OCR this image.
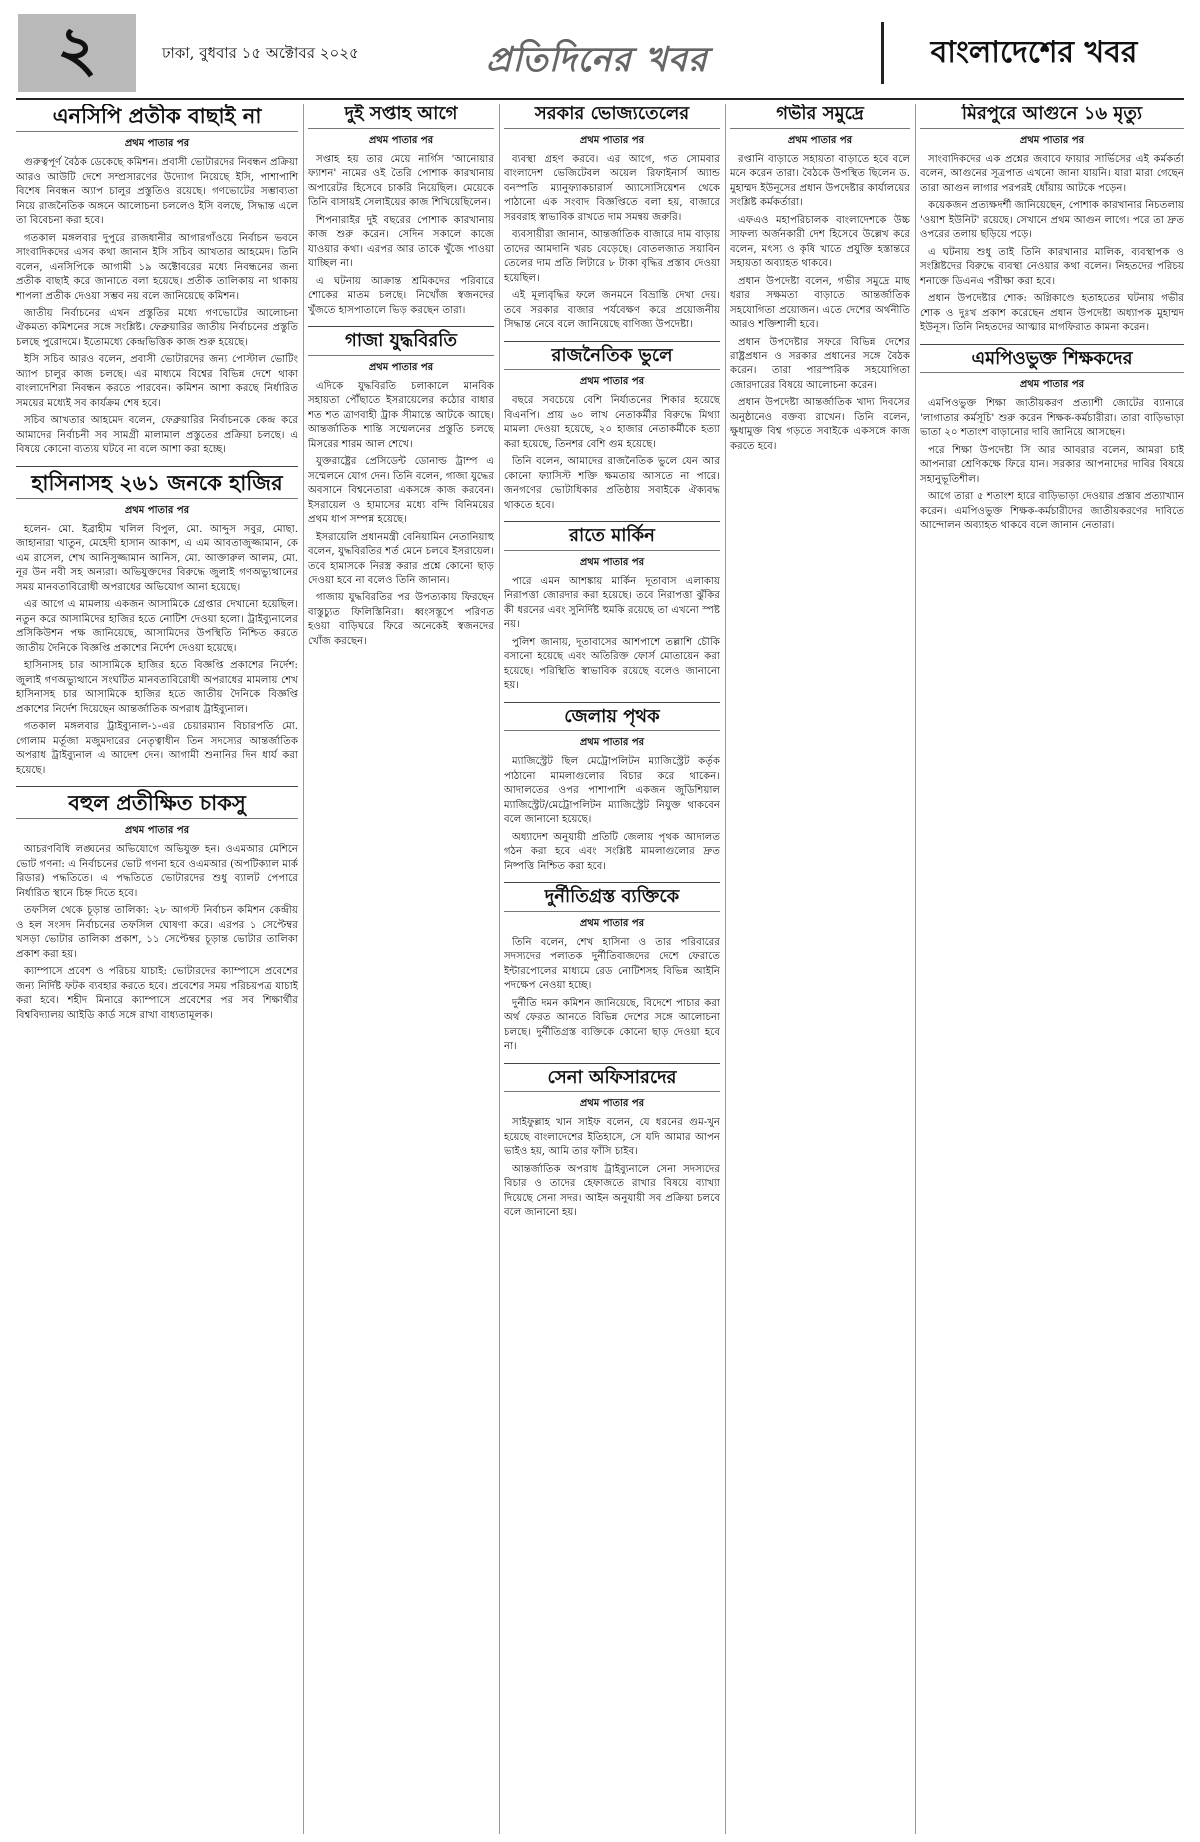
২	ঢাকা, বুধবার ১৫ অক্টোবর ২০২৫	প্রতিদিনের খবর	বাংলাদেশের খবর
এনসিপি প্রতীক বাছাই না
প্রথম পাতার পর

গুরুত্বপূর্ণ বৈঠক ডেকেছে কমিশন। প্রবাসী ভোটারদের নিবন্ধন প্রক্রিয়া আরও আউটি দেশে সম্প্রসারণের উদ্যোগ নিয়েছে ইসি, পাশাপাশি বিশেষ নিবন্ধন অ্যাপ চালুর প্রস্তুতিও রয়েছে। গণভোটের সম্ভাব্যতা নিয়ে রাজনৈতিক অঙ্গনে আলোচনা চললেও ইসি বলছে, সিদ্ধান্ত এলে তা বিবেচনা করা হবে।

গতকাল মঙ্গলবার দুপুরে রাজধানীর আগারগাঁওয়ে নির্বাচন ভবনে সাংবাদিকদের এসব কথা জানান ইসি সচিব আখতার আহমেদ। তিনি বলেন, এনসিপিকে আগামী ১৯ অক্টোবরের মধ্যে নিবন্ধনের জন্য প্রতীক বাছাই করে জানাতে বলা হয়েছে। প্রতীক তালিকায় না থাকায় শাপলা প্রতীক দেওয়া সম্ভব নয় বলে জানিয়েছে কমিশন।

জাতীয় নির্বাচনের এখন প্রস্তুতির মধ্যে গণভোটের আলোচনা ঐকমত্য কমিশনের সঙ্গে সংশ্লিষ্ট। ফেব্রুয়ারির জাতীয় নির্বাচনের প্রস্তুতি চলছে পুরোদমে। ইতোমধ্যে কেন্দ্রভিত্তিক কাজ শুরু হয়েছে।

ইসি সচিব আরও বলেন, প্রবাসী ভোটারদের জন্য পোস্টাল ভোটিং অ্যাপ চালুর কাজ চলছে। এর মাধ্যমে বিশ্বের বিভিন্ন দেশে থাকা বাংলাদেশিরা নিবন্ধন করতে পারবেন। কমিশন আশা করছে নির্ধারিত সময়ের মধ্যেই সব কার্যক্রম শেষ হবে।

সচিব আখতার আহমেদ বলেন, ফেব্রুয়ারির নির্বাচনকে কেন্দ্র করে আমাদের নির্বাচনী সব সামগ্রী মালামাল প্রস্তুতের প্রক্রিয়া চলছে। এ বিষয়ে কোনো ব্যত্যয় ঘটবে না বলে আশা করা হচ্ছে।

হাসিনাসহ ২৬১ জনকে হাজির
প্রথম পাতার পর

হলেন- মো. ইব্রাহীম খলিল বিপুল, মো. আব্দুস সবুর, মোছা. জাহানারা খাতুন, মেহেদী হাসান আকাশ, এ এম আবতাজুজ্জামান, কে এম রাসেল, শেখ আনিসুজ্জামান আনিস, মো. আক্তারুল আলম, মো. নূর উন নবী সহ অন্যরা। অভিযুক্তদের বিরুদ্ধে জুলাই গণঅভ্যুত্থানের সময় মানবতাবিরোধী অপরাধের অভিযোগ আনা হয়েছে।

এর আগে এ মামলায় একজন আসামিকে গ্রেপ্তার দেখানো হয়েছিল। নতুন করে আসামিদের হাজির হতে নোটিশ দেওয়া হলো। ট্রাইব্যুনালের প্রসিকিউশন পক্ষ জানিয়েছে, আসামিদের উপস্থিতি নিশ্চিত করতে জাতীয় দৈনিকে বিজ্ঞপ্তি প্রকাশের নির্দেশ দেওয়া হয়েছে।

হাসিনাসহ চার আসামিকে হাজির হতে বিজ্ঞপ্তি প্রকাশের নির্দেশ: জুলাই গণঅভ্যুত্থানে সংঘটিত মানবতাবিরোধী অপরাধের মামলায় শেখ হাসিনাসহ চার আসামিকে হাজির হতে জাতীয় দৈনিকে বিজ্ঞপ্তি প্রকাশের নির্দেশ দিয়েছেন আন্তর্জাতিক অপরাধ ট্রাইব্যুনাল।

গতকাল মঙ্গলবার ট্রাইব্যুনাল-১-এর চেয়ারম্যান বিচারপতি মো. গোলাম মর্তূজা মজুমদারের নেতৃত্বাধীন তিন সদস্যের আন্তর্জাতিক অপরাধ ট্রাইব্যুনাল এ আদেশ দেন। আগামী শুনানির দিন ধার্য করা হয়েছে।

বহুল প্রতীক্ষিত চাকসু
প্রথম পাতার পর

আচরণবিধি লঙ্ঘনের অভিযোগে অভিযুক্ত হন। ওএমআর মেশিনে ভোট গণনা: এ নির্বাচনের ভোট গণনা হবে ওএমআর (অপটিক্যাল মার্ক রিডার) পদ্ধতিতে। এ পদ্ধতিতে ভোটারদের শুধু ব্যালট পেপারে নির্ধারিত স্থানে চিহ্ন দিতে হবে।

তফসিল থেকে চূড়ান্ত তালিকা: ২৮ আগস্ট নির্বাচন কমিশন কেন্দ্রীয় ও হল সংসদ নির্বাচনের তফসিল ঘোষণা করে। এরপর ১ সেপ্টেম্বর খসড়া ভোটার তালিকা প্রকাশ, ১১ সেপ্টেম্বর চূড়ান্ত ভোটার তালিকা প্রকাশ করা হয়।

ক্যাম্পাসে প্রবেশ ও পরিচয় যাচাই: ভোটারদের ক্যাম্পাসে প্রবেশের জন্য নির্দিষ্ট ফটক ব্যবহার করতে হবে। প্রবেশের সময় পরিচয়পত্র যাচাই করা হবে। শহীদ মিনারে ক্যাম্পাসে প্রবেশের পর সব শিক্ষার্থীর বিশ্ববিদ্যালয় আইডি কার্ড সঙ্গে রাখা বাধ্যতামূলক।

দুই সপ্তাহ আগে
প্রথম পাতার পর

সপ্তাহ হয় তার মেয়ে নার্গিস 'আনোয়ার ফ্যাশন' নামের ওই তৈরি পোশাক কারখানায় অপারেটর হিসেবে চাকরি নিয়েছিল। মেয়েকে তিনি বাসায়ই সেলাইয়ের কাজ শিখিয়েছিলেন।

শিপনারাইর দুই বছরের পোশাক কারখানায় কাজ শুরু করেন। সেদিন সকালে কাজে যাওয়ার কথা। এরপর আর তাকে খুঁজে পাওয়া যাচ্ছিল না।

এ ঘটনায় আক্রান্ত শ্রমিকদের পরিবারে শোকের মাতম চলছে। নিখোঁজ স্বজনদের খুঁজতে হাসপাতালে ভিড় করছেন তারা।

গাজা যুদ্ধবিরতি
প্রথম পাতার পর

এদিকে যুদ্ধবিরতি চলাকালে মানবিক সহায়তা পৌঁছাতে ইসরায়েলের কঠোর বাধার শত শত ত্রাণবাহী ট্রাক সীমান্তে আটকে আছে। আন্তর্জাতিক শান্তি সম্মেলনের প্রস্তুতি চলছে মিসরের শারম আল শেখে।

যুক্তরাষ্ট্রের প্রেসিডেন্ট ডোনাল্ড ট্রাম্প এ সম্মেলনে যোগ দেন। তিনি বলেন, গাজা যুদ্ধের অবসানে বিশ্বনেতারা একসঙ্গে কাজ করবেন। ইসরায়েল ও হামাসের মধ্যে বন্দি বিনিময়ের প্রথম ধাপ সম্পন্ন হয়েছে।

ইসরায়েলি প্রধানমন্ত্রী বেনিয়ামিন নেতানিয়াহু বলেন, যুদ্ধবিরতির শর্ত মেনে চলবে ইসরায়েল। তবে হামাসকে নিরস্ত্র করার প্রশ্নে কোনো ছাড় দেওয়া হবে না বলেও তিনি জানান।

গাজায় যুদ্ধবিরতির পর উপত্যকায় ফিরছেন বাস্তুচ্যুত ফিলিস্তিনিরা। ধ্বংসস্তূপে পরিণত হওয়া বাড়িঘরে ফিরে অনেকেই স্বজনদের খোঁজ করছেন।

সরকার ভোজ্যতেলের
প্রথম পাতার পর

ব্যবস্থা গ্রহণ করবে। এর আগে, গত সোমবার বাংলাদেশ ভেজিটেবল অয়েল রিফাইনার্স অ্যান্ড বনস্পতি ম্যানুফ্যাকচারার্স অ্যাসোসিয়েশন থেকে পাঠানো এক সংবাদ বিজ্ঞপ্তিতে বলা হয়, বাজারে সরবরাহ স্বাভাবিক রাখতে দাম সমন্বয় জরুরি।

ব্যবসায়ীরা জানান, আন্তর্জাতিক বাজারে দাম বাড়ায় তাদের আমদানি খরচ বেড়েছে। বোতলজাত সয়াবিন তেলের দাম প্রতি লিটারে ৮ টাকা বৃদ্ধির প্রস্তাব দেওয়া হয়েছিল।

এই মূল্যবৃদ্ধির ফলে জনমনে বিভ্রান্তি দেখা দেয়। তবে সরকার বাজার পর্যবেক্ষণ করে প্রয়োজনীয় সিদ্ধান্ত নেবে বলে জানিয়েছে বাণিজ্য উপদেষ্টা।

রাজনৈতিক ভুলে
প্রথম পাতার পর

বছরে সবচেয়ে বেশি নির্যাতনের শিকার হয়েছে বিএনপি। প্রায় ৬০ লাখ নেতাকর্মীর বিরুদ্ধে মিথ্যা মামলা দেওয়া হয়েছে, ২০ হাজার নেতাকর্মীকে হত্যা করা হয়েছে, তিনশর বেশি গুম হয়েছে।

তিনি বলেন, আমাদের রাজনৈতিক ভুলে যেন আর কোনো ফ্যাসিস্ট শক্তি ক্ষমতায় আসতে না পারে। জনগণের ভোটাধিকার প্রতিষ্ঠায় সবাইকে ঐক্যবদ্ধ থাকতে হবে।

রাতে মার্কিন
প্রথম পাতার পর

পারে এমন আশঙ্কায় মার্কিন দূতাবাস এলাকায় নিরাপত্তা জোরদার করা হয়েছে। তবে নিরাপত্তা ঝুঁকির কী ধরনের এবং সুনির্দিষ্ট হুমকি রয়েছে তা এখনো স্পষ্ট নয়।

পুলিশ জানায়, দূতাবাসের আশপাশে তল্লাশি চৌকি বসানো হয়েছে এবং অতিরিক্ত ফোর্স মোতায়েন করা হয়েছে। পরিস্থিতি স্বাভাবিক রয়েছে বলেও জানানো হয়।

জেলায় পৃথক
প্রথম পাতার পর

ম্যাজিস্ট্রেট ছিল মেট্রোপলিটন ম্যাজিস্ট্রেট কর্তৃক পাঠানো মামলাগুলোর বিচার করে থাকেন। আদালতের ওপর পাশাপাশি একজন জুডিশিয়াল ম্যাজিস্ট্রেট/মেট্রোপলিটন ম্যাজিস্ট্রেট নিযুক্ত থাকবেন বলে জানানো হয়েছে।

অধ্যাদেশ অনুযায়ী প্রতিটি জেলায় পৃথক আদালত গঠন করা হবে এবং সংশ্লিষ্ট মামলাগুলোর দ্রুত নিষ্পত্তি নিশ্চিত করা হবে।

দুর্নীতিগ্রস্ত ব্যক্তিকে
প্রথম পাতার পর

তিনি বলেন, শেখ হাসিনা ও তার পরিবারের সদস্যদের পলাতক দুর্নীতিবাজদের দেশে ফেরাতে ইন্টারপোলের মাধ্যমে রেড নোটিশসহ বিভিন্ন আইনি পদক্ষেপ নেওয়া হচ্ছে।

দুর্নীতি দমন কমিশন জানিয়েছে, বিদেশে পাচার করা অর্থ ফেরত আনতে বিভিন্ন দেশের সঙ্গে আলোচনা চলছে। দুর্নীতিগ্রস্ত ব্যক্তিকে কোনো ছাড় দেওয়া হবে না।

সেনা অফিসারদের
প্রথম পাতার পর

সাইফুল্লাহ খান সাইফ বলেন, যে ধরনের গুম-খুন হয়েছে বাংলাদেশের ইতিহাসে, সে যদি আমার আপন ভাইও হয়, আমি তার ফাঁসি চাইব।

আন্তর্জাতিক অপরাধ ট্রাইব্যুনালে সেনা সদস্যদের বিচার ও তাদের হেফাজতে রাখার বিষয়ে ব্যাখ্যা দিয়েছে সেনা সদর। আইন অনুযায়ী সব প্রক্রিয়া চলবে বলে জানানো হয়।

গভীর সমুদ্রে
প্রথম পাতার পর

রপ্তানি বাড়াতে সহায়তা বাড়াতে হবে বলে মনে করেন তারা। বৈঠকে উপস্থিত ছিলেন ড. মুহাম্মদ ইউনূসের প্রধান উপদেষ্টার কার্যালয়ের সংশ্লিষ্ট কর্মকর্তারা।

এফএও মহাপরিচালক বাংলাদেশকে উচ্চ সাফল্য অর্জনকারী দেশ হিসেবে উল্লেখ করে বলেন, মৎস্য ও কৃষি খাতে প্রযুক্তি হস্তান্তরে সহায়তা অব্যাহত থাকবে।

প্রধান উপদেষ্টা বলেন, গভীর সমুদ্রে মাছ ধরার সক্ষমতা বাড়াতে আন্তর্জাতিক সহযোগিতা প্রয়োজন। এতে দেশের অর্থনীতি আরও শক্তিশালী হবে।

প্রধান উপদেষ্টার সফরে বিভিন্ন দেশের রাষ্ট্রপ্রধান ও সরকার প্রধানের সঙ্গে বৈঠক করেন। তারা পারস্পরিক সহযোগিতা জোরদারের বিষয়ে আলোচনা করেন।

প্রধান উপদেষ্টা আন্তর্জাতিক খাদ্য দিবসের অনুষ্ঠানেও বক্তব্য রাখেন। তিনি বলেন, ক্ষুধামুক্ত বিশ্ব গড়তে সবাইকে একসঙ্গে কাজ করতে হবে।

মিরপুরে আগুনে ১৬ মৃত্যু
প্রথম পাতার পর

সাংবাদিকদের এক প্রশ্নের জবাবে ফায়ার সার্ভিসের এই কর্মকর্তা বলেন, আগুনের সূত্রপাত এখনো জানা যায়নি। যারা মারা গেছেন তারা আগুন লাগার পরপরই ধোঁয়ায় আটকে পড়েন।

কয়েকজন প্রত্যক্ষদর্শী জানিয়েছেন, পোশাক কারখানার নিচতলায় 'ওয়াশ ইউনিট' রয়েছে। সেখানে প্রথম আগুন লাগে। পরে তা দ্রুত ওপরের তলায় ছড়িয়ে পড়ে।

এ ঘটনায় শুধু তাই তিনি কারখানার মালিক, ব্যবস্থাপক ও সংশ্লিষ্টদের বিরুদ্ধে ব্যবস্থা নেওয়ার কথা বলেন। নিহতদের পরিচয় শনাক্তে ডিএনএ পরীক্ষা করা হবে।

প্রধান উপদেষ্টার শোক: অগ্নিকাণ্ডে হতাহতের ঘটনায় গভীর শোক ও দুঃখ প্রকাশ করেছেন প্রধান উপদেষ্টা অধ্যাপক মুহাম্মদ ইউনূস। তিনি নিহতদের আত্মার মাগফিরাত কামনা করেন।

এমপিওভুক্ত শিক্ষকদের
প্রথম পাতার পর

এমপিওভুক্ত শিক্ষা জাতীয়করণ প্রত্যাশী জোটের ব্যানারে 'লাগাতার কর্মসূচি' শুরু করেন শিক্ষক-কর্মচারীরা। তারা বাড়িভাড়া ভাতা ২০ শতাংশ বাড়ানোর দাবি জানিয়ে আসছেন।

পরে শিক্ষা উপদেষ্টা সি আর আবরার বলেন, আমরা চাই আপনারা শ্রেণিকক্ষে ফিরে যান। সরকার আপনাদের দাবির বিষয়ে সহানুভূতিশীল।

আগে তারা ৫ শতাংশ হারে বাড়িভাড়া দেওয়ার প্রস্তাব প্রত্যাখ্যান করেন। এমপিওভুক্ত শিক্ষক-কর্মচারীদের জাতীয়করণের দাবিতে আন্দোলন অব্যাহত থাকবে বলে জানান নেতারা।
